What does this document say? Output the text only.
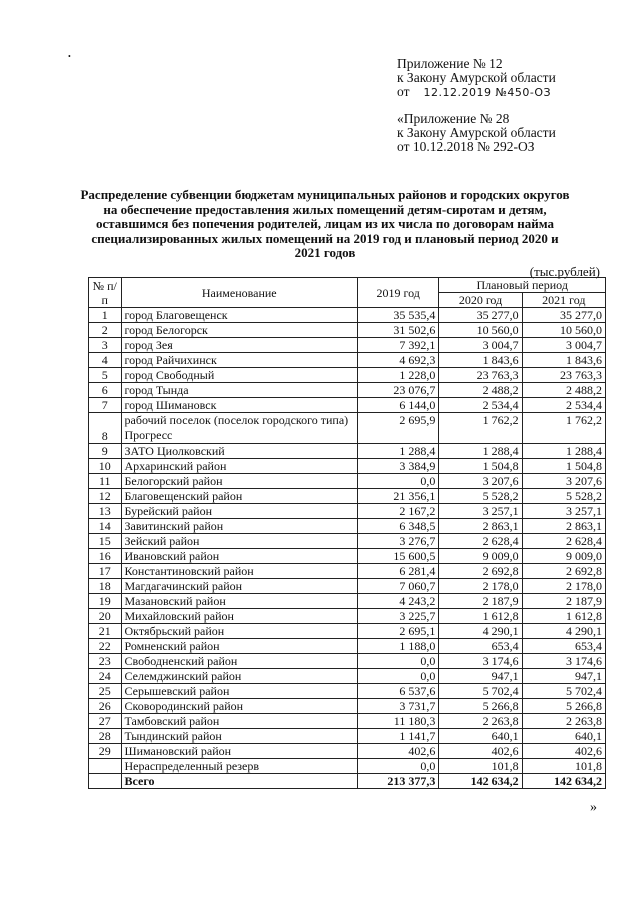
•	Приложение № 12
к Закону Амурской области
от 12.12.2019 №450-ОЗ
«Приложение № 28
к Закону Амурской области
от 10.12.2018 № 292-ОЗ
Распределение субвенции бюджетам муниципальных районов и городских округов на обеспечение предоставления жилых помещений детям-сиротам и детям, оставшимся без попечения родителей, лицам из их числа по договорам найма специализированных жилых помещений на 2019 год и плановый период 2020 и 2021 годов
(тыс.рублей)
№ п/п	Наименование	2019 год	Плановый период	
			2020 год	2021 год
1	город Благовещенск	35 535,4	35 277,0	35 277,0
2	город Белогорск	31 502,6	10 560,0	10 560,0
3	город Зея	7 392,1	3 004,7	3 004,7
4	город Райчихинск	4 692,3	1 843,6	1 843,6
5	город Свободный	1 228,0	23 763,3	23 763,3
6	город Тында	23 076,7	2 488,2	2 488,2
7	город Шимановск	6 144,0	2 534,4	2 534,4
8	рабочий поселок (поселок городского типа) Прогресс	2 695,9	1 762,2	1 762,2
9	ЗАТО Циолковский	1 288,4	1 288,4	1 288,4
10	Архаринский район	3 384,9	1 504,8	1 504,8
11	Белогорский район	0,0	3 207,6	3 207,6
12	Благовещенский район	21 356,1	5 528,2	5 528,2
13	Бурейский район	2 167,2	3 257,1	3 257,1
14	Завитинский район	6 348,5	2 863,1	2 863,1
15	Зейский район	3 276,7	2 628,4	2 628,4
16	Ивановский район	15 600,5	9 009,0	9 009,0
17	Константиновский район	6 281,4	2 692,8	2 692,8
18	Магдагачинский район	7 060,7	2 178,0	2 178,0
19	Мазановский район	4 243,2	2 187,9	2 187,9
20	Михайловский район	3 225,7	1 612,8	1 612,8
21	Октябрьский район	2 695,1	4 290,1	4 290,1
22	Ромненский район	1 188,0	653,4	653,4
23	Свободненский район	0,0	3 174,6	3 174,6
24	Селемджинский район	0,0	947,1	947,1
25	Серышевский район	6 537,6	5 702,4	5 702,4
26	Сковородинский район	3 731,7	5 266,8	5 266,8
27	Тамбовский район	11 180,3	2 263,8	2 263,8
28	Тындинский район	1 141,7	640,1	640,1
29	Шимановский район	402,6	402,6	402,6
	Нераспределенный резерв	0,0	101,8	101,8
	Всего	213 377,3	142 634,2	142 634,2
»
